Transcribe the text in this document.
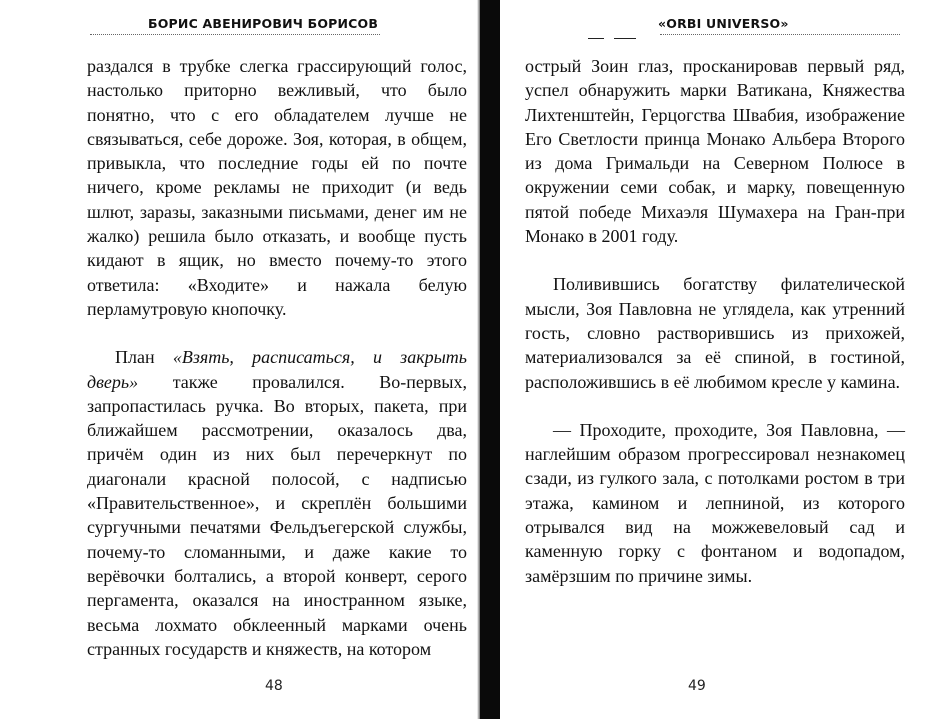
БОРИС АВЕНИРОВИЧ БОРИСОВ

раздался в трубке слегка грассирующий голос, настолько приторно вежливый, что было понятно, что с его обладателем лучше не связываться, себе дороже. Зоя, которая, в общем, привыкла, что последние годы ей по почте ничего, кроме рекламы не приходит (и ведь шлют, заразы, заказными письмами, денег им не жалко) решила было отказать, и вообще пусть кидают в ящик, но вместо почему-то этого ответила: «Входите» и нажала белую перламутровую кнопочку.

План «Взять, расписаться, и закрыть дверь» также провалился. Во-первых, запропастилась ручка. Во вторых, пакета, при ближайшем рассмотрении, оказалось два, причём один из них был перечеркнут по диагонали красной полосой, с надписью «Правительственное», и скреплён большими сургучными печатями Фельдъегерской службы, почему-то сломанными, и даже какие то верёвочки болтались, а второй конверт, серого пергамента, оказался на иностранном языке, весьма лохмато обклеенный марками очень странных государств и княжеств, на котором

48
«ORBI UNIVERSO»

острый Зоин глаз, просканировав первый ряд, успел обнаружить марки Ватикана, Княжества Лихтенштейн, Герцогства Швабия, изображение Его Светлости принца Монако Альбера Второго из дома Гримальди на Северном Полюсе в окружении семи собак, и марку, повещенную пятой победе Михаэля Шумахера на Гран-при Монако в 2001 году.

Поливившись богатству филателической мысли, Зоя Павловна не углядела, как утренний гость, словно растворившись из прихожей, материализовался за её спиной, в гостиной, расположившись в её любимом кресле у камина.

— Проходите, проходите, Зоя Павловна, — наглейшим образом прогрессировал незнакомец сзади, из гулкого зала, с потолками ростом в три этажа, камином и лепниной, из которого отрывался вид на можжевеловый сад и каменную горку с фонтаном и водопадом, замёрзшим по причине зимы.

49
